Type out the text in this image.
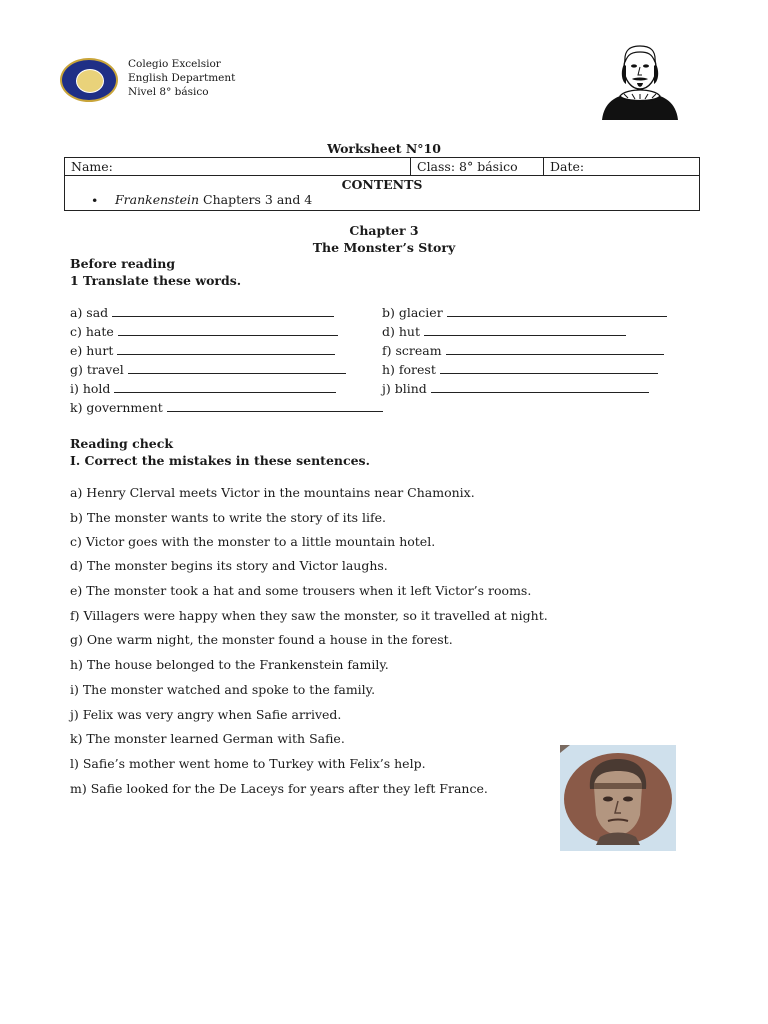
Colegio Excelsior
English Department
Nivel 8° básico
Worksheet N°10
Name:	Class: 8° básico	Date:

CONTENTS
• Frankenstein Chapters 3 and 4
Chapter 3
The Monster’s Story
Before reading
1 Translate these words.
a) sad	b) glacier
c) hate	d) hut
e) hurt	f) scream
g) travel	h) forest
i) hold	j) blind
k) government
Reading check
I. Correct the mistakes in these sentences.
a) Henry Clerval meets Victor in the mountains near Chamonix.
b) The monster wants to write the story of its life.
c) Victor goes with the monster to a little mountain hotel.
d) The monster begins its story and Victor laughs.
e) The monster took a hat and some trousers when it left Victor’s rooms.
f) Villagers were happy when they saw the monster, so it travelled at night.
g) One warm night, the monster found a house in the forest.
h) The house belonged to the Frankenstein family.
i) The monster watched and spoke to the family.
j) Felix was very angry when Safie arrived.
k) The monster learned German with Safie.
l) Safie’s mother went home to Turkey with Felix’s help.
m) Safie looked for the De Laceys for years after they left France.
